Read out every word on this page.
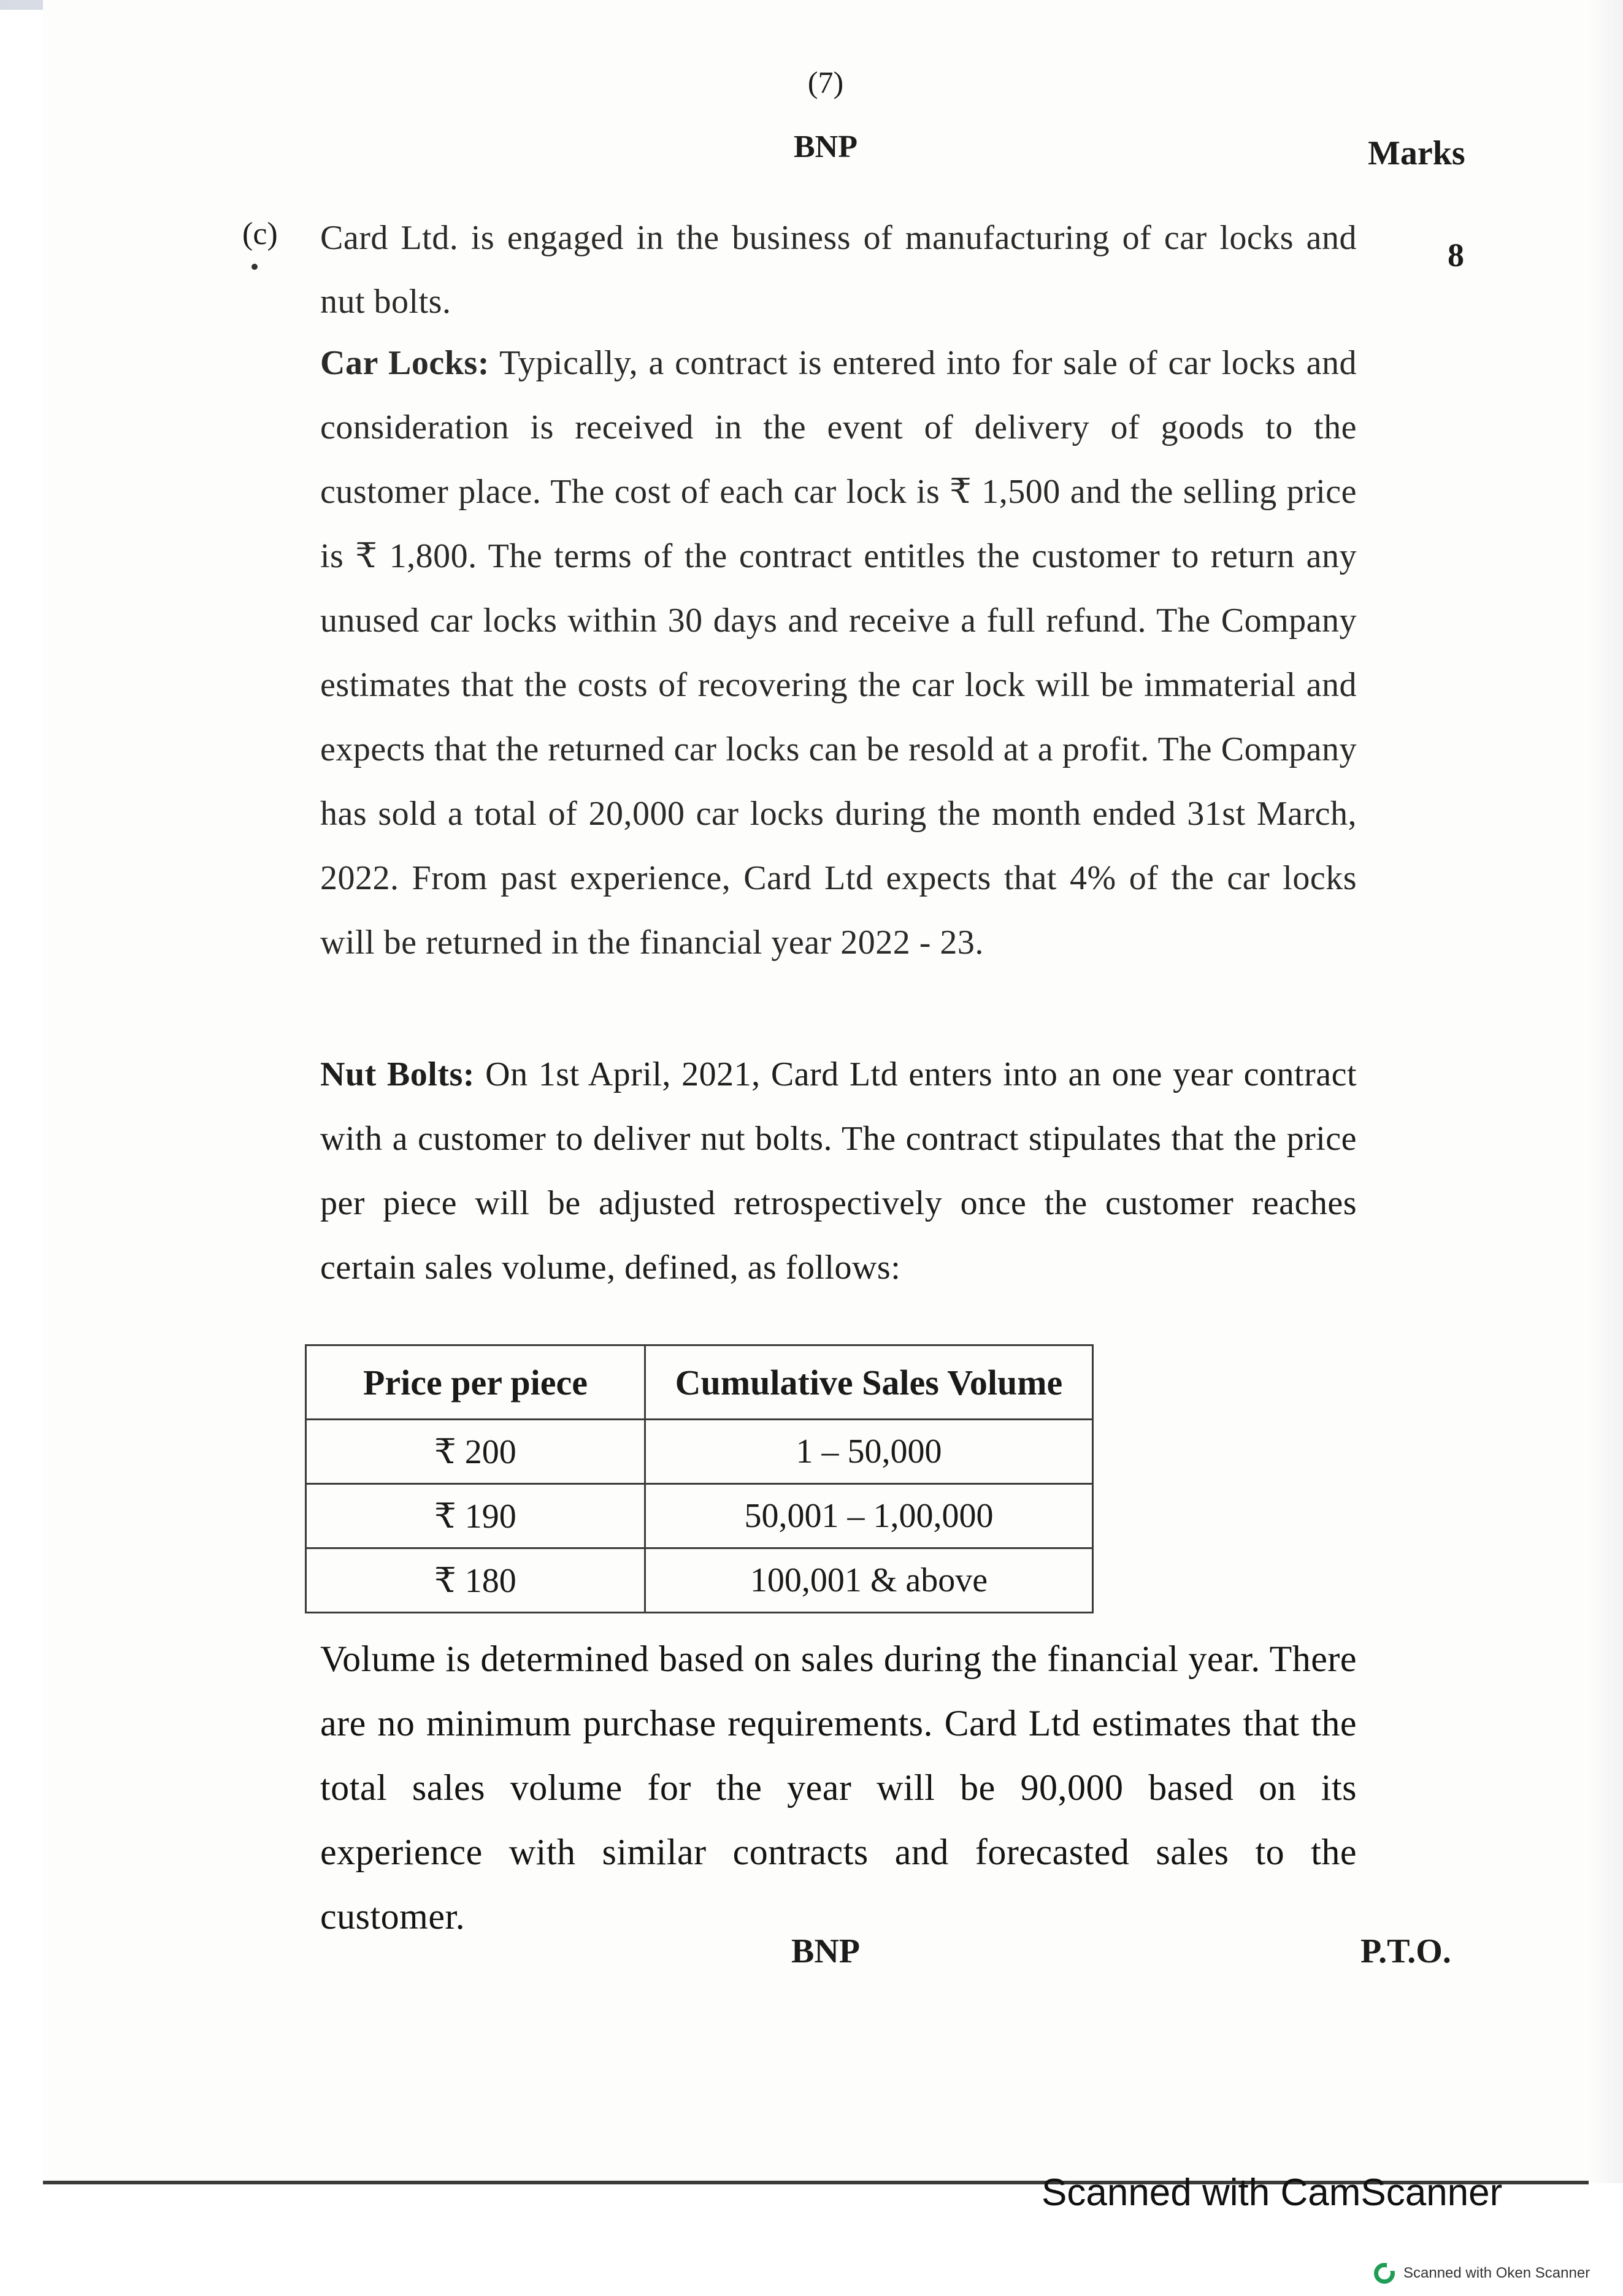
(7)
BNP	Marks
(c)
8
Card Ltd. is engaged in the business of manufacturing of car locks and nut bolts.
Car Locks: Typically, a contract is entered into for sale of car locks and consideration is received in the event of delivery of goods to the customer place. The cost of each car lock is ₹ 1,500 and the selling price is ₹ 1,800. The terms of the contract entitles the customer to return any unused car locks within 30 days and receive a full refund. The Company estimates that the costs of recovering the car lock will be immaterial and expects that the returned car locks can be resold at a profit. The Company has sold a total of 20,000 car locks during the month ended 31st March, 2022. From past experience, Card Ltd expects that 4% of the car locks will be returned in the financial year 2022 - 23.
Nut Bolts: On 1st April, 2021, Card Ltd enters into an one year contract with a customer to deliver nut bolts. The contract stipulates that the price per piece will be adjusted retrospectively once the customer reaches certain sales volume, defined, as follows:
Price per piece	Cumulative Sales Volume
₹ 200	1 – 50,000
₹ 190	50,001 – 1,00,000
₹ 180	100,001 & above
Volume is determined based on sales during the financial year. There are no minimum purchase requirements. Card Ltd estimates that the total sales volume for the year will be 90,000 based on its experience with similar contracts and forecasted sales to the customer.
BNP	P.T.O.
Scanned with CamScanner
Scanned with Oken Scanner
